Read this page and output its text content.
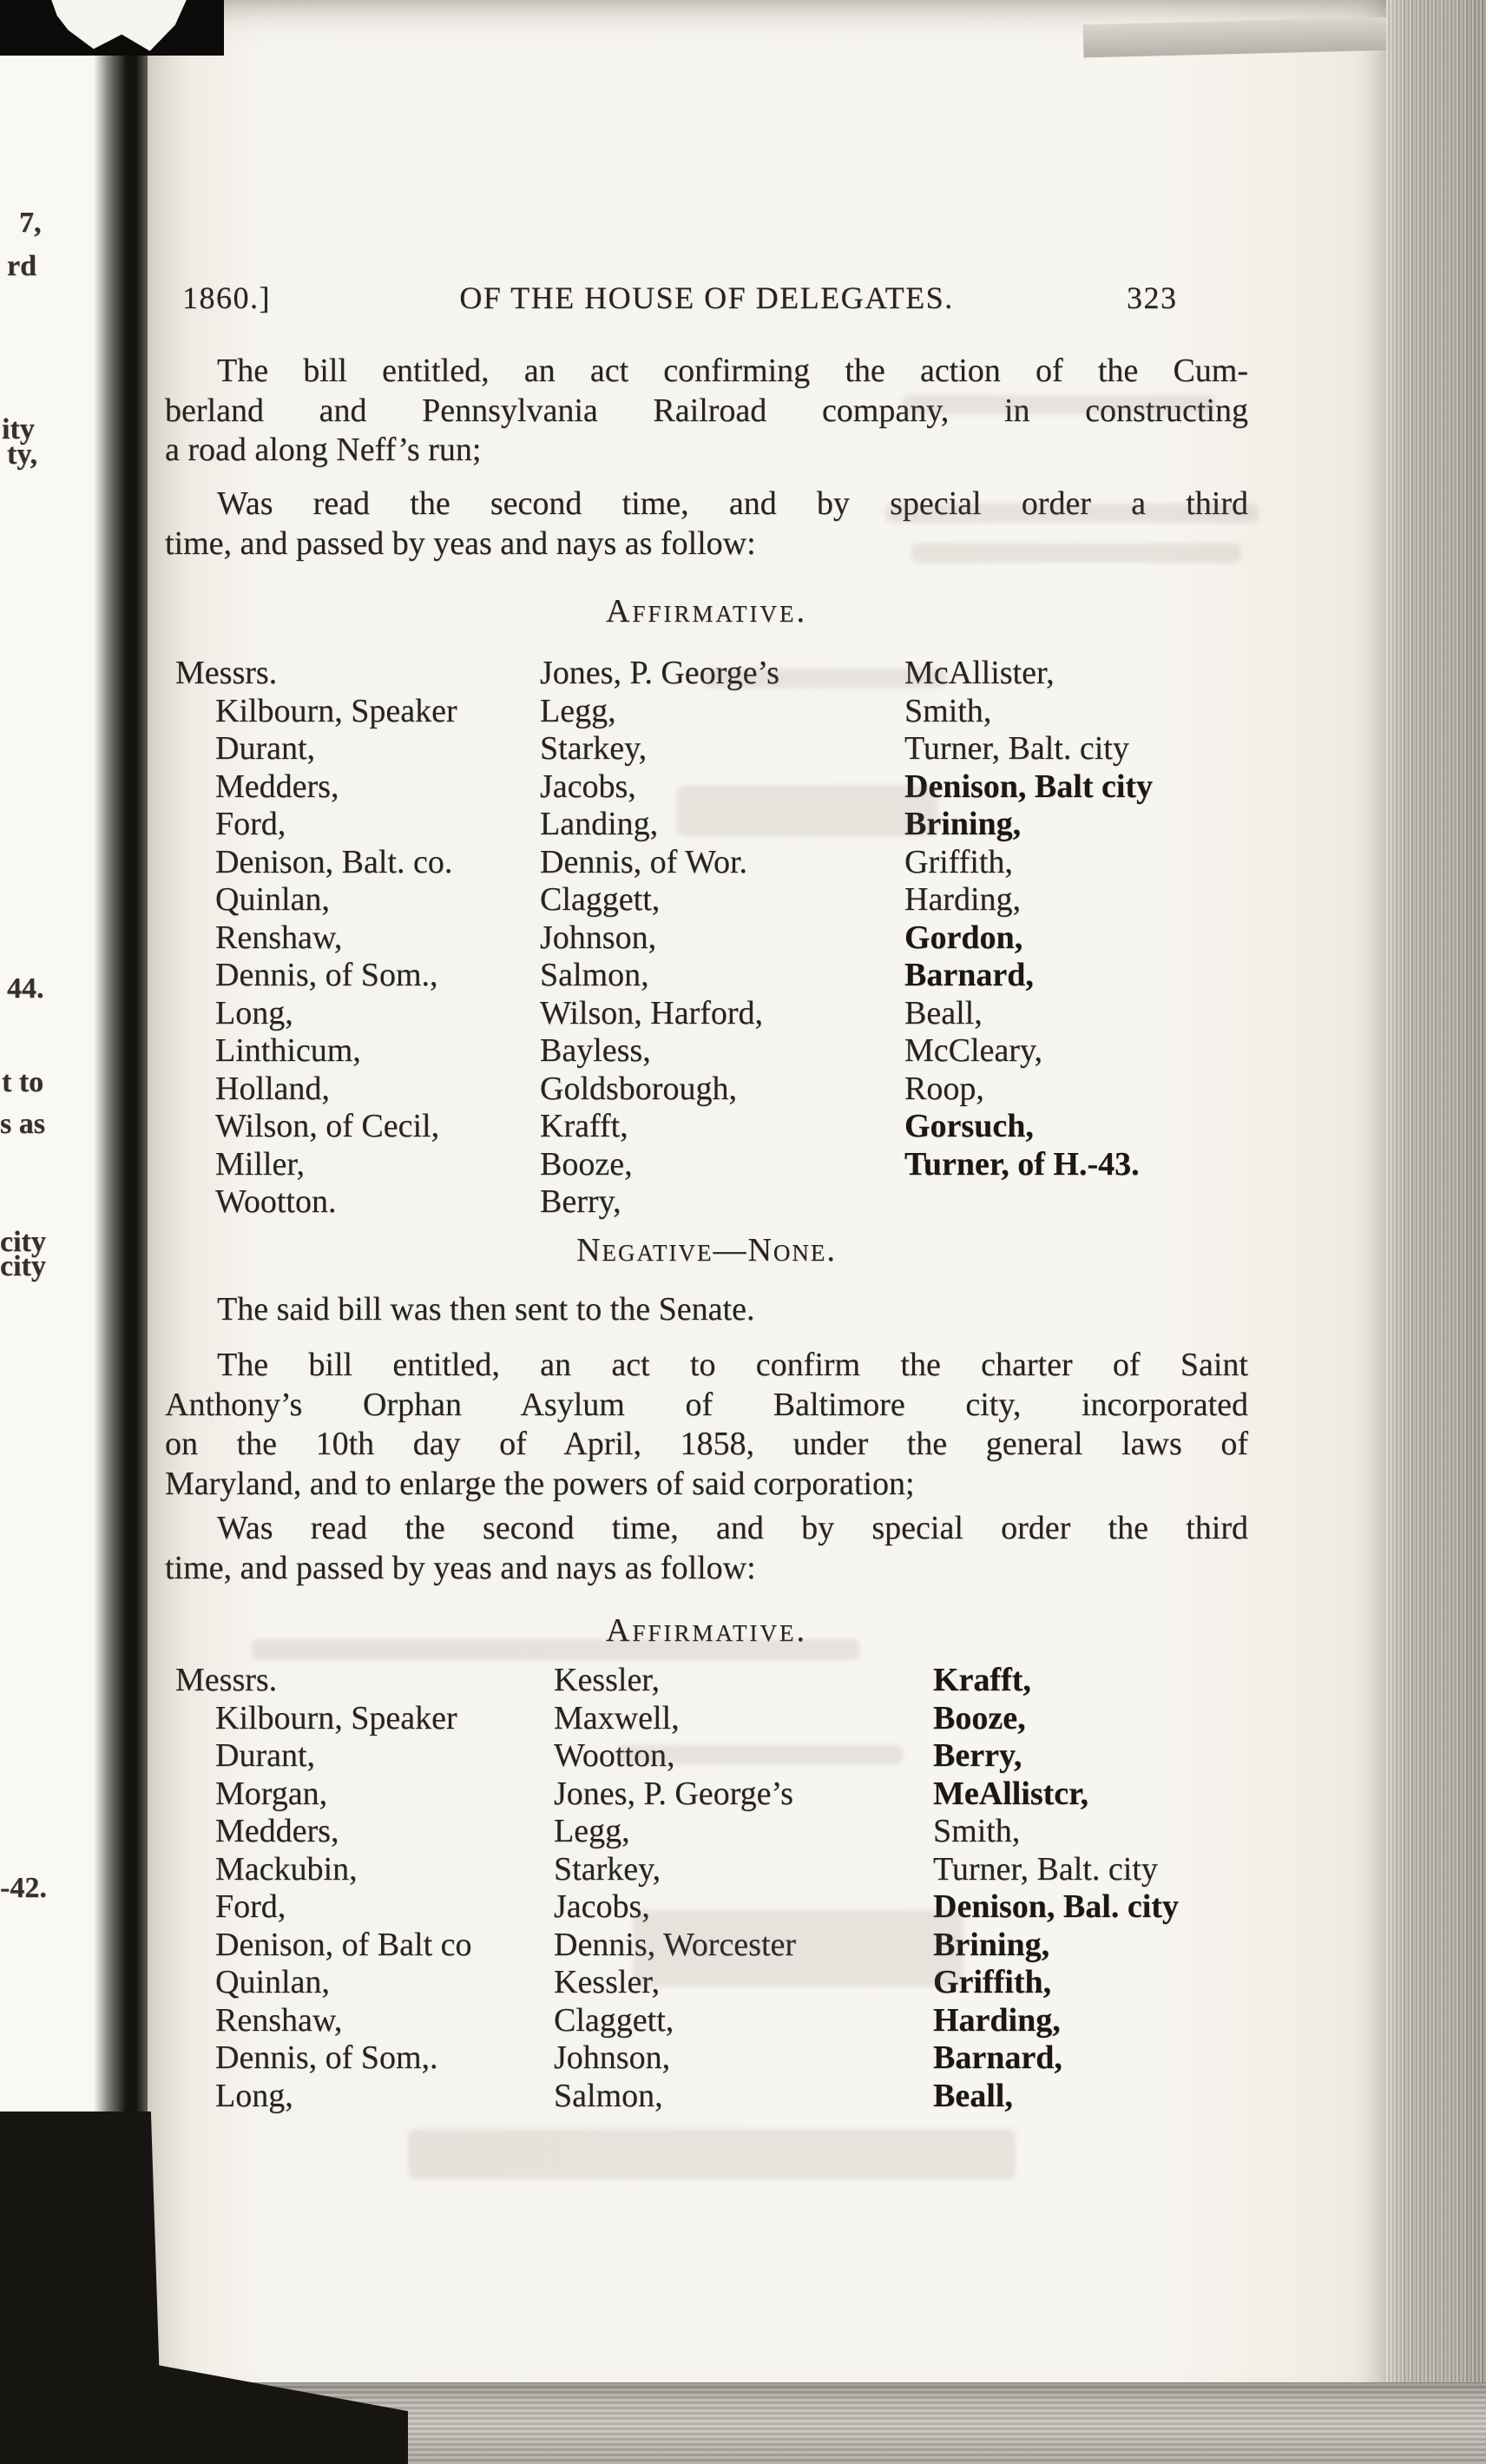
7,
rd
ity
ty,
44.
t to
s as
city
city
-42.
1860.]	OF THE HOUSE OF DELEGATES.	323
The bill entitled, an act confirming the action of the Cum-
berland and Pennsylvania Railroad company, in constructing
a road along Neff’s run;
Was read the second time, and by special order a third
time, and passed by yeas and nays as follow:
Affirmative.
Messrs.
Kilbourn, Speaker
Durant,
Medders,
Ford,
Denison, Balt. co.
Quinlan,
Renshaw,
Dennis, of Som.,
Long,
Linthicum,
Holland,
Wilson, of Cecil,
Miller,
Wootton.
Jones, P. George’s
Legg,
Starkey,
Jacobs,
Landing,
Dennis, of Wor.
Claggett,
Johnson,
Salmon,
Wilson, Harford,
Bayless,
Goldsborough,
Krafft,
Booze,
Berry,
McAllister,
Smith,
Turner, Balt. city
Denison, Balt city
Brining,
Griffith,
Harding,
Gordon,
Barnard,
Beall,
McCleary,
Roop,
Gorsuch,
Turner, of H.-43.
Negative—None.
The said bill was then sent to the Senate.
The bill entitled, an act to confirm the charter of Saint
Anthony’s Orphan Asylum of Baltimore city, incorporated
on the 10th day of April, 1858, under the general laws of
Maryland, and to enlarge the powers of said corporation;
Was read the second time, and by special order the third
time, and passed by yeas and nays as follow:
Affirmative.
Messrs.
Kilbourn, Speaker
Durant,
Morgan,
Medders,
Mackubin,
Ford,
Denison, of Balt co
Quinlan,
Renshaw,
Dennis, of Som,.
Long,
Kessler,
Maxwell,
Wootton,
Jones, P. George’s
Legg,
Starkey,
Jacobs,
Dennis, Worcester
Kessler,
Claggett,
Johnson,
Salmon,
Krafft,
Booze,
Berry,
MeAllistcr,
Smith,
Turner, Balt. city
Denison, Bal. city
Brining,
Griffith,
Harding,
Barnard,
Beall,
